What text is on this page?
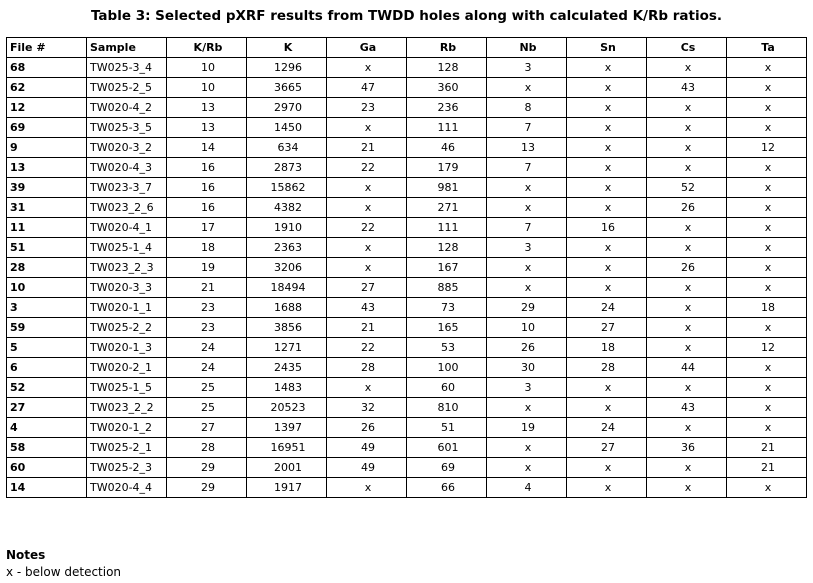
Table 3: Selected pXRF results from TWDD holes along with calculated K/Rb ratios.
File #	Sample	K/Rb	K	Ga	Rb	Nb	Sn	Cs	Ta
68	TW025-3_4	10	1296	x	128	3	x	x	x
62	TW025-2_5	10	3665	47	360	x	x	43	x
12	TW020-4_2	13	2970	23	236	8	x	x	x
69	TW025-3_5	13	1450	x	111	7	x	x	x
9	TW020-3_2	14	634	21	46	13	x	x	12
13	TW020-4_3	16	2873	22	179	7	x	x	x
39	TW023-3_7	16	15862	x	981	x	x	52	x
31	TW023_2_6	16	4382	x	271	x	x	26	x
11	TW020-4_1	17	1910	22	111	7	16	x	x
51	TW025-1_4	18	2363	x	128	3	x	x	x
28	TW023_2_3	19	3206	x	167	x	x	26	x
10	TW020-3_3	21	18494	27	885	x	x	x	x
3	TW020-1_1	23	1688	43	73	29	24	x	18
59	TW025-2_2	23	3856	21	165	10	27	x	x
5	TW020-1_3	24	1271	22	53	26	18	x	12
6	TW020-2_1	24	2435	28	100	30	28	44	x
52	TW025-1_5	25	1483	x	60	3	x	x	x
27	TW023_2_2	25	20523	32	810	x	x	43	x
4	TW020-1_2	27	1397	26	51	19	24	x	x
58	TW025-2_1	28	16951	49	601	x	27	36	21
60	TW025-2_3	29	2001	49	69	x	x	x	21
14	TW020-4_4	29	1917	x	66	4	x	x	x
Notes
x - below detection
